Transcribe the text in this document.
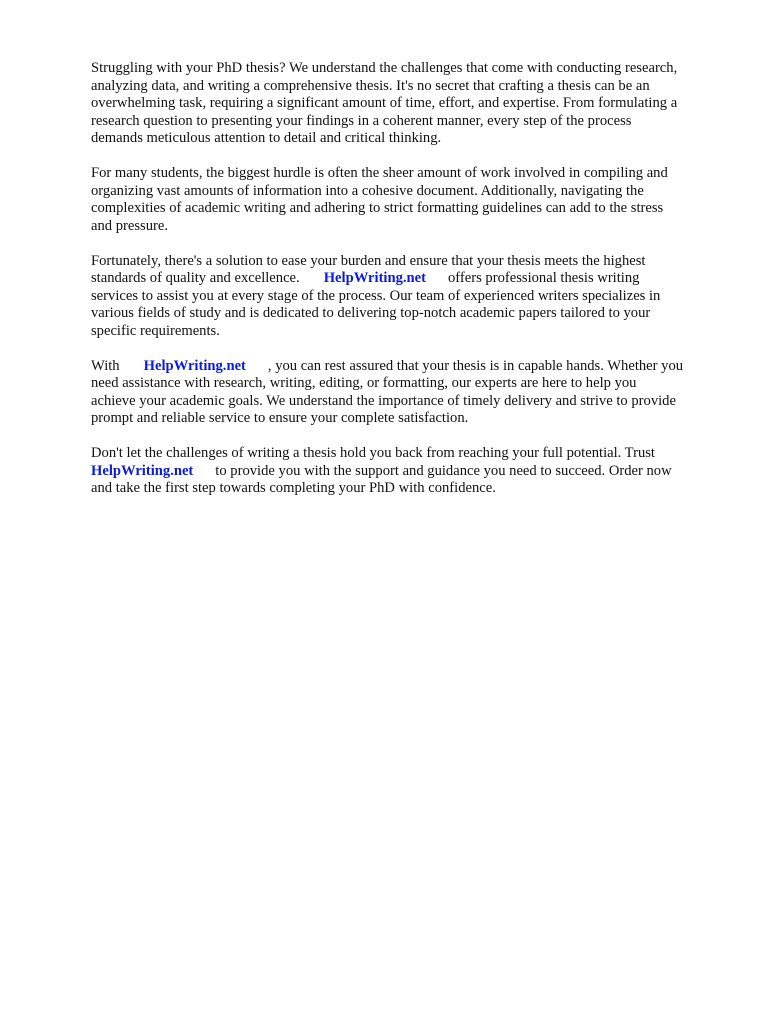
Struggling with your PhD thesis? We understand the challenges that come with conducting research,
analyzing data, and writing a comprehensive thesis. It's no secret that crafting a thesis can be an
overwhelming task, requiring a significant amount of time, effort, and expertise. From formulating a
research question to presenting your findings in a coherent manner, every step of the process
demands meticulous attention to detail and critical thinking.

For many students, the biggest hurdle is often the sheer amount of work involved in compiling and
organizing vast amounts of information into a cohesive document. Additionally, navigating the
complexities of academic writing and adhering to strict formatting guidelines can add to the stress
and pressure.

Fortunately, there's a solution to ease your burden and ensure that your thesis meets the highest
standards of quality and excellence. HelpWriting.net offers professional thesis writing
services to assist you at every stage of the process. Our team of experienced writers specializes in
various fields of study and is dedicated to delivering top-notch academic papers tailored to your
specific requirements.

With HelpWriting.net , you can rest assured that your thesis is in capable hands. Whether you
need assistance with research, writing, editing, or formatting, our experts are here to help you
achieve your academic goals. We understand the importance of timely delivery and strive to provide
prompt and reliable service to ensure your complete satisfaction.

Don't let the challenges of writing a thesis hold you back from reaching your full potential. Trust
HelpWriting.net to provide you with the support and guidance you need to succeed. Order now
and take the first step towards completing your PhD with confidence.
